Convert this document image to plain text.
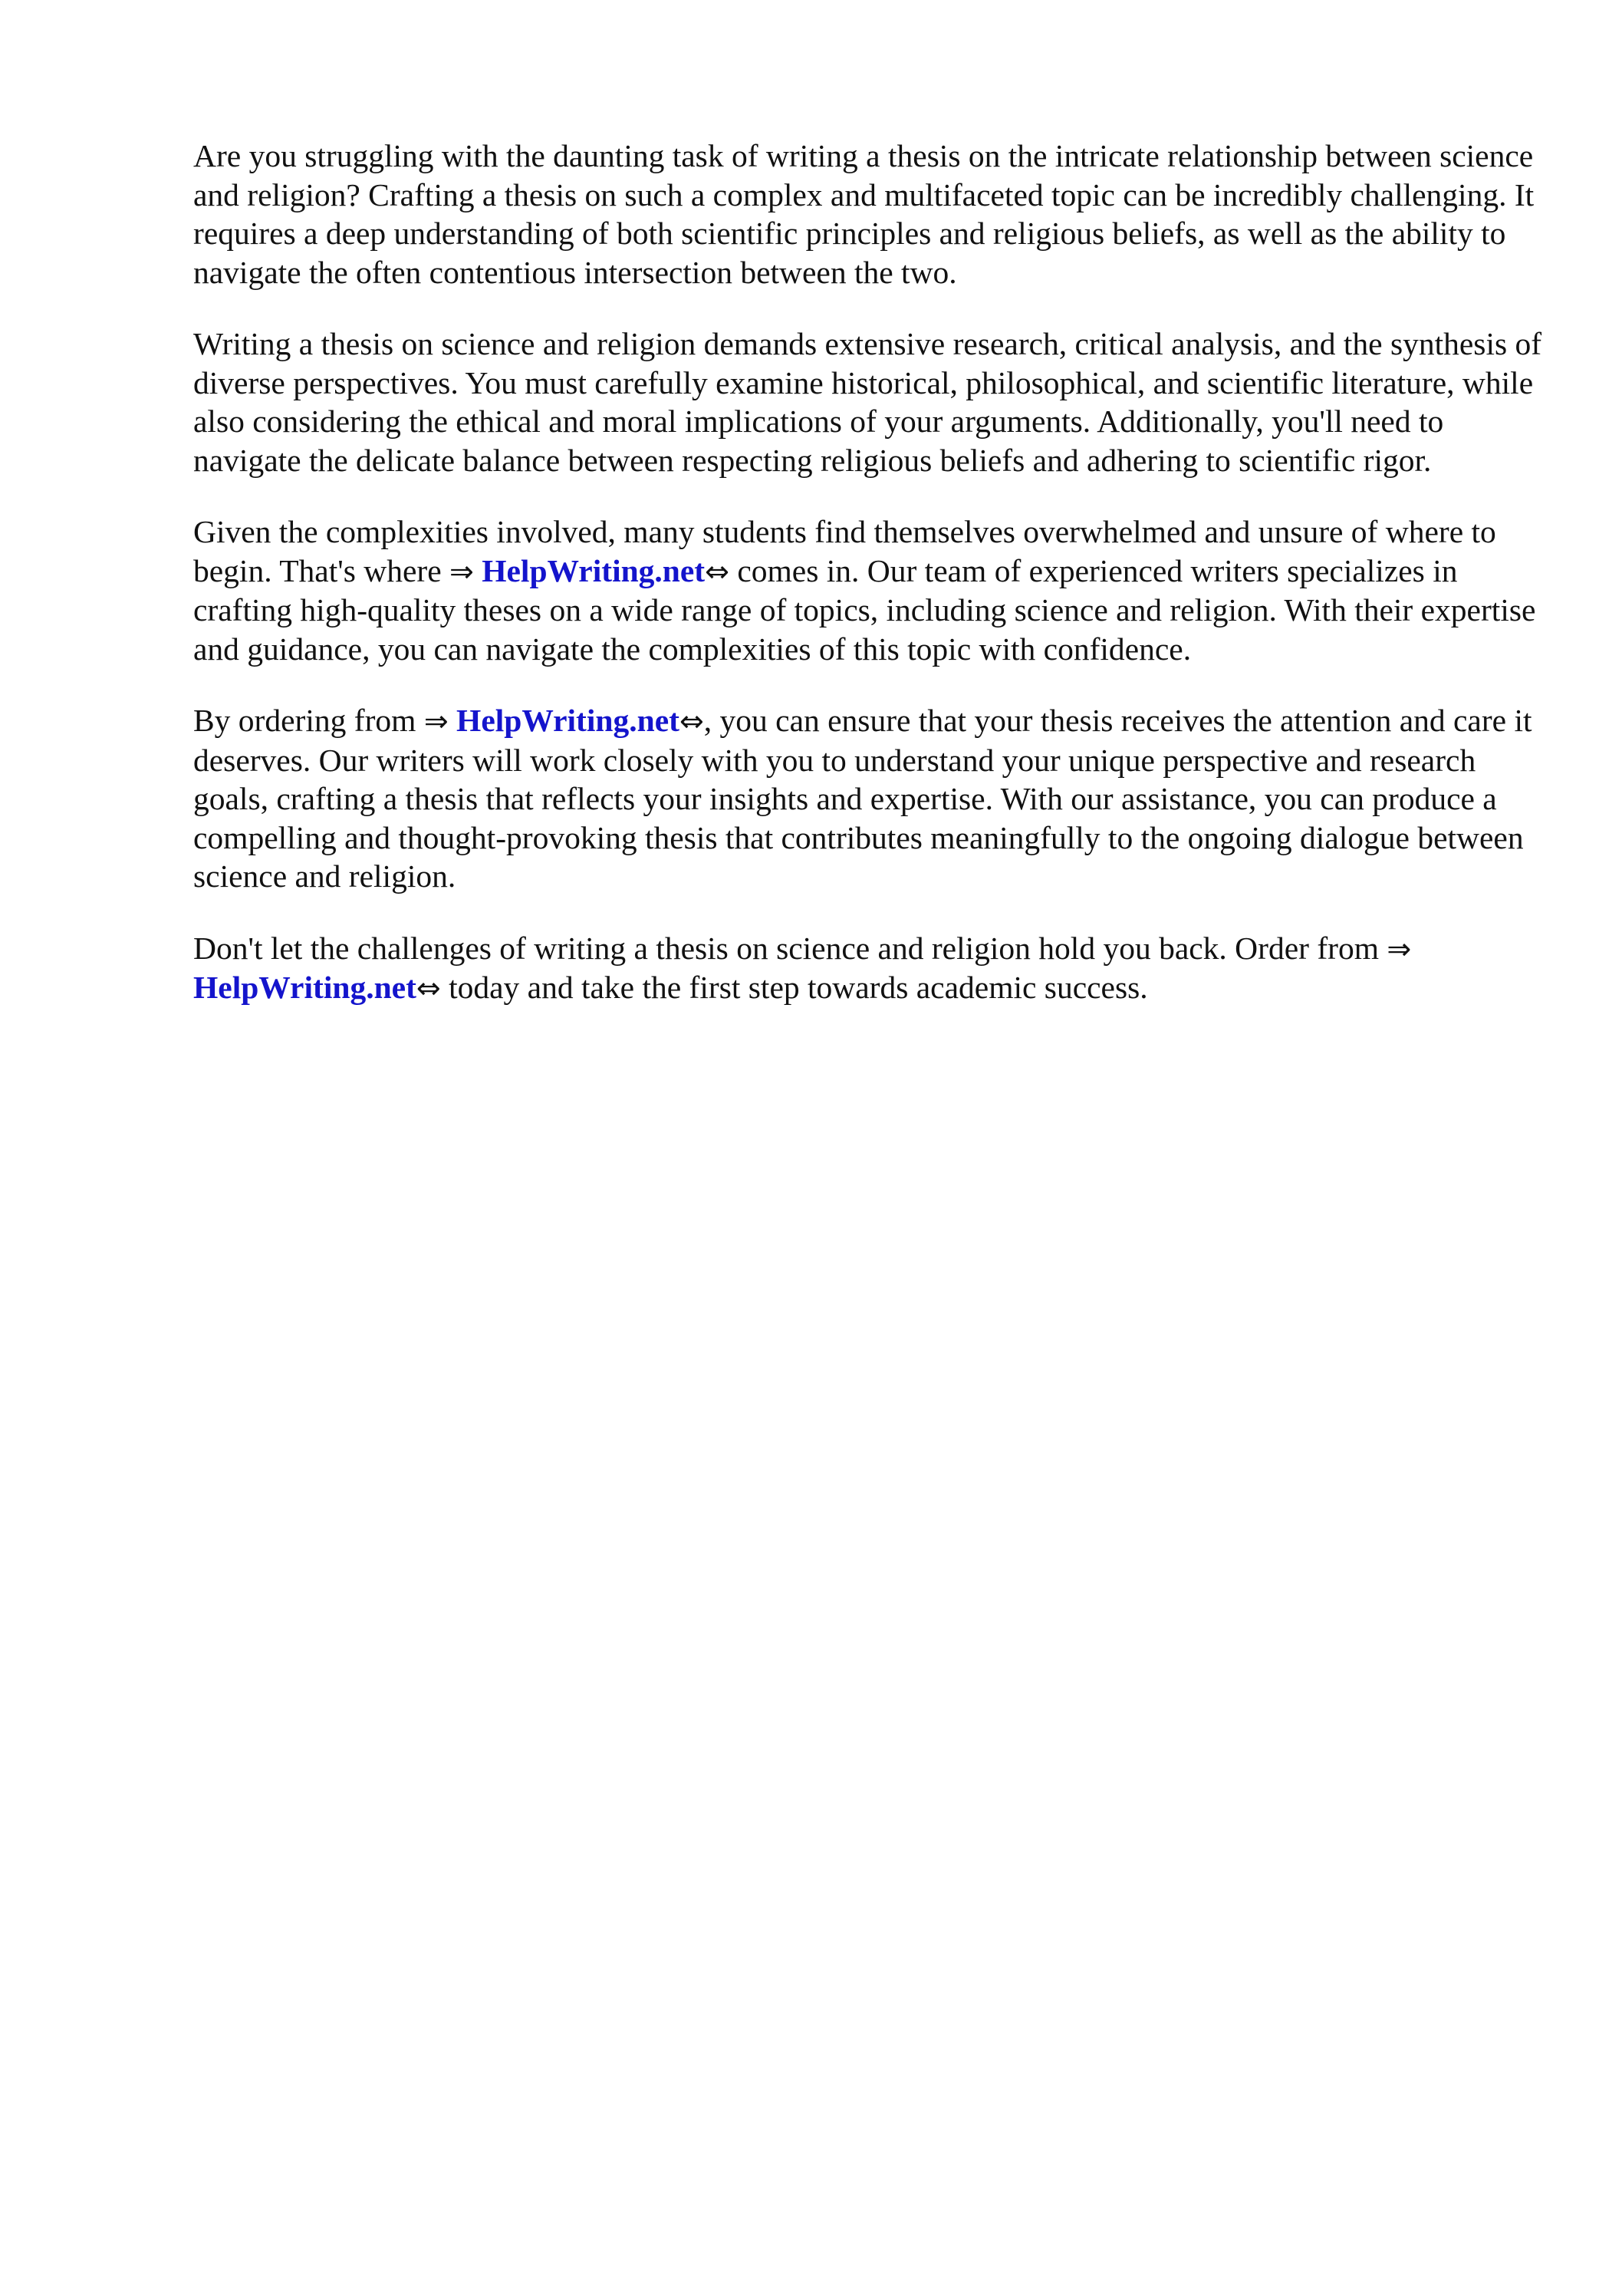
Are you struggling with the daunting task of writing a thesis on the intricate relationship between science and religion? Crafting a thesis on such a complex and multifaceted topic can be incredibly challenging. It requires a deep understanding of both scientific principles and religious beliefs, as well as the ability to navigate the often contentious intersection between the two.

Writing a thesis on science and religion demands extensive research, critical analysis, and the synthesis of diverse perspectives. You must carefully examine historical, philosophical, and scientific literature, while also considering the ethical and moral implications of your arguments. Additionally, you'll need to navigate the delicate balance between respecting religious beliefs and adhering to scientific rigor.

Given the complexities involved, many students find themselves overwhelmed and unsure of where to begin. That's where ⇒ HelpWriting.net⇔ comes in. Our team of experienced writers specializes in crafting high-quality theses on a wide range of topics, including science and religion. With their expertise and guidance, you can navigate the complexities of this topic with confidence.

By ordering from ⇒ HelpWriting.net⇔, you can ensure that your thesis receives the attention and care it deserves. Our writers will work closely with you to understand your unique perspective and research goals, crafting a thesis that reflects your insights and expertise. With our assistance, you can produce a compelling and thought-provoking thesis that contributes meaningfully to the ongoing dialogue between science and religion.

Don't let the challenges of writing a thesis on science and religion hold you back. Order from ⇒ HelpWriting.net⇔ today and take the first step towards academic success.
